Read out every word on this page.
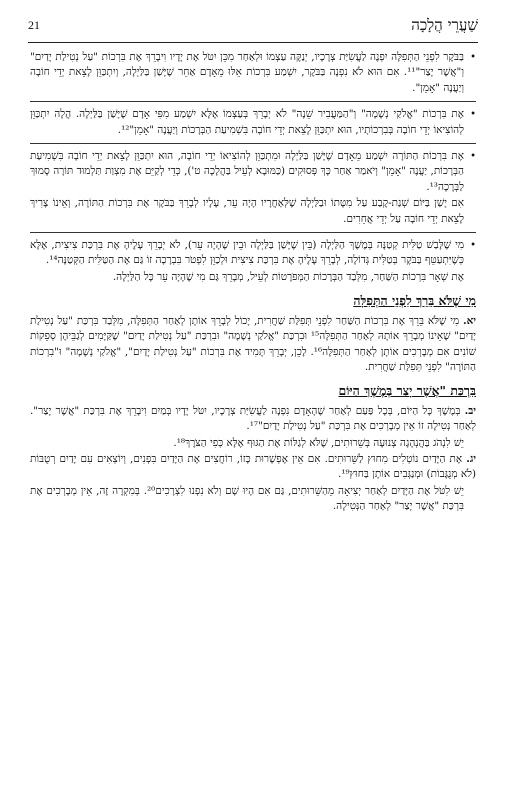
שַׁעֲרֵי הֲלָכָה
21

• בַּבֹּקֶר לִפְנֵי הַתְּפִלָּה יִפְנֶה לַעֲשִׂיַּת צְרָכָיו, יְנַקֶּה עַצְמוֹ וּלְאַחַר מִכֵּן יִטֹּל אֶת יָדָיו וִיבָרֵךְ אֶת בִּרְכוֹת "עַל נְטִילַת יָדַיִם" וְ"אֲשֶׁר יָצַר"¹¹. אִם הוּא לֹא נִפְנָה בַּבֹּקֶר, יִשְׁמַע בִּרְכוֹת אֵלּוּ מֵאָדָם אַחֵר שֶׁיָּשַׁן בַּלַּיְלָה, וְיִתְכַּוֵּן לָצֵאת יְדֵי חוֹבָה וְיַעֲנֶה "אָמֵן".

• אֶת בִּרְכוֹת "אֱלֹקַי נְשָׁמָה" וְ"הַמַּעֲבִיר שֵׁנָה" לֹא יְבָרֵךְ בְּעַצְמוֹ אֶלָּא יִשְׁמַע מִפִּי אָדָם שֶׁיָּשַׁן בַּלַּיְלָה. הֲלָה יִתְכַּוֵּן לְהוֹצִיאוֹ יְדֵי חוֹבָה בְּבִרְכוֹתָיו, הוּא יִתְכַּוֵּן לָצֵאת יְדֵי חוֹבָה בִּשְׁמִיעַת הַבְּרָכוֹת וְיַעֲנֶה "אָמֵן"¹².

• אֶת בִּרְכוֹת הַתּוֹרָה יִשְׁמַע מֵאָדָם שֶׁיָּשַׁן בַּלַּיְלָה וּמִתְכַּוֵּן לְהוֹצִיאוֹ יְדֵי חוֹבָה, הוּא יִתְכַּוֵּן לָצֵאת יְדֵי חוֹבָה בִּשְׁמִיעַת הַבְּרָכוֹת, יַעֲנֶה "אָמֵן" וְיֹאמַר אַחַר כָּךְ פְּסוּקִים (כַּמּוּבָא לְעֵיל בַּהֲלָכָה ט'), כְּדֵי לְקַיֵּם אֶת מִצְוַת תַּלְמוּד תּוֹרָה סָמוּךְ לַבְּרָכָה¹³.

אִם יָשַׁן בַּיּוֹם שְׁנַת-קֶבַע עַל מִטָּתוֹ וּבַלַּיְלָה שֶׁלְּאַחֲרָיו הָיָה עֵר, עָלָיו לְבָרֵךְ בַּבֹּקֶר אֶת בִּרְכוֹת הַתּוֹרָה, וְאֵינוֹ צָרִיךְ לָצֵאת יְדֵי חוֹבָה עַל יְדֵי אֲחֵרִים.

• מִי שֶׁלָּבַשׁ טַלִּית קְטַנָּה בְּמֶשֶׁךְ הַלַּיְלָה (בֵּין שֶׁיָּשַׁן בַּלַּיְלָה וּבֵין שֶׁהָיָה עֵר), לֹא יְבָרֵךְ עָלֶיהָ אֶת בִּרְכַּת צִיצִית, אֶלָּא כְּשֶׁיִּתְעַטֵּף בַּבֹּקֶר בְּטַלִּית גְּדוֹלָה, לְבָרֵךְ עָלֶיהָ אֶת בִּרְכַּת צִיצִית וּלְכַוֵּן לִפְטֹר בִּבְרָכָה זוֹ גַּם אֶת הַטַּלִּית הַקְּטַנָּה¹⁴.

אֶת שְׁאָר בִּרְכוֹת הַשַּׁחַר, מִלְּבַד הַבְּרָכוֹת הַמְּפֹרָטוֹת לְעֵיל, מְבָרֵךְ גַּם מִי שֶׁהָיָה עֵר כָּל הַלַּיְלָה.

מִי שֶׁלֹּא בֵּרֵךְ לִפְנֵי הַתְּפִלָּה

יא. מִי שֶׁלֹּא בֵּרֵךְ אֶת בִּרְכוֹת הַשַּׁחַר לִפְנֵי תְּפִלַּת שַׁחֲרִית, יָכוֹל לְבָרֵךְ אוֹתָן לְאַחַר הַתְּפִלָּה, מִלְּבַד בִּרְכַּת "עַל נְטִילַת יָדַיִם" שֶׁאֵינוֹ מְבָרֵךְ אוֹתָהּ לְאַחַר הַתְּפִלָּה¹⁵ וּבִרְכַּת "אֱלֹקַי נְשָׁמָה" וּבִרְכַּת "עַל נְטִילַת יָדַיִם" שֶׁקַּיָּמִים לְגַבֵּיהֶן סְפֵקוֹת שׁוֹנִים אִם מְבָרְכִים אוֹתָן לְאַחַר הַתְּפִלָּה¹⁶. לָכֵן, יְבָרֵךְ תָּמִיד אֶת בִּרְכוֹת "עַל נְטִילַת יָדַיִם", "אֱלֹקַי נְשָׁמָה" וּ"בִרְכוֹת הַתּוֹרָה" לִפְנֵי תְּפִלַּת שַׁחֲרִית.

בִּרְכַּת "אֲשֶׁר יָצַר בְּמֶשֶׁךְ הַיּוֹם

יב. בְּמֶשֶׁךְ כָּל הַיּוֹם, בְּכָל פַּעַם לְאַחַר שֶׁהָאָדָם נִפְנָה לַעֲשִׂיַּת צְרָכָיו, יִטֹּל יָדָיו בְּמַיִם וִיבָרֵךְ אֶת בִּרְכַּת "אֲשֶׁר יָצַר". לְאַחַר נְטִילָה זוֹ אֵין מְבָרְכִים אֶת בִּרְכַּת "עַל נְטִילַת יָדַיִם"¹⁷.

יֵשׁ לִנְהֹג בַּהֲנְהָגָה צְנוּעָה בְּשֵׁרוּתִים, שֶׁלֹּא לְגַלּוֹת אֶת הַגּוּף אֶלָּא כְּפִי הַצֹּרֶךְ¹⁸.

יג. אֶת הַיָּדַיִם נוֹטְלִים מִחוּץ לַשֵּׁרוּתִים. אִם אֵין אֶפְשָׁרוּת כָּזוֹ, רוֹחֲצִים אֶת הַיָּדַיִם בִּפְנִים, וְיוֹצְאִים עִם יָדַיִם רְטֻבּוֹת (לֹא מְנֻגָּבוֹת) וּמְנַגְּבִים אוֹתָן בַּחוּץ¹⁹.

יֵשׁ לִטֹּל אֶת הַיָּדַיִם לְאַחַר יְצִיאָה מֵהַשֵּׁרוּתִים, גַּם אִם הָיוּ שָׁם וְלֹא נִפְנוּ לִצְרָכִים²⁰. בְּמִקְרֶה זֶה, אֵין מְבָרְכִים אֶת בִּרְכַּת "אֲשֶׁר יָצַר" לְאַחַר הַנְּטִילָה.
